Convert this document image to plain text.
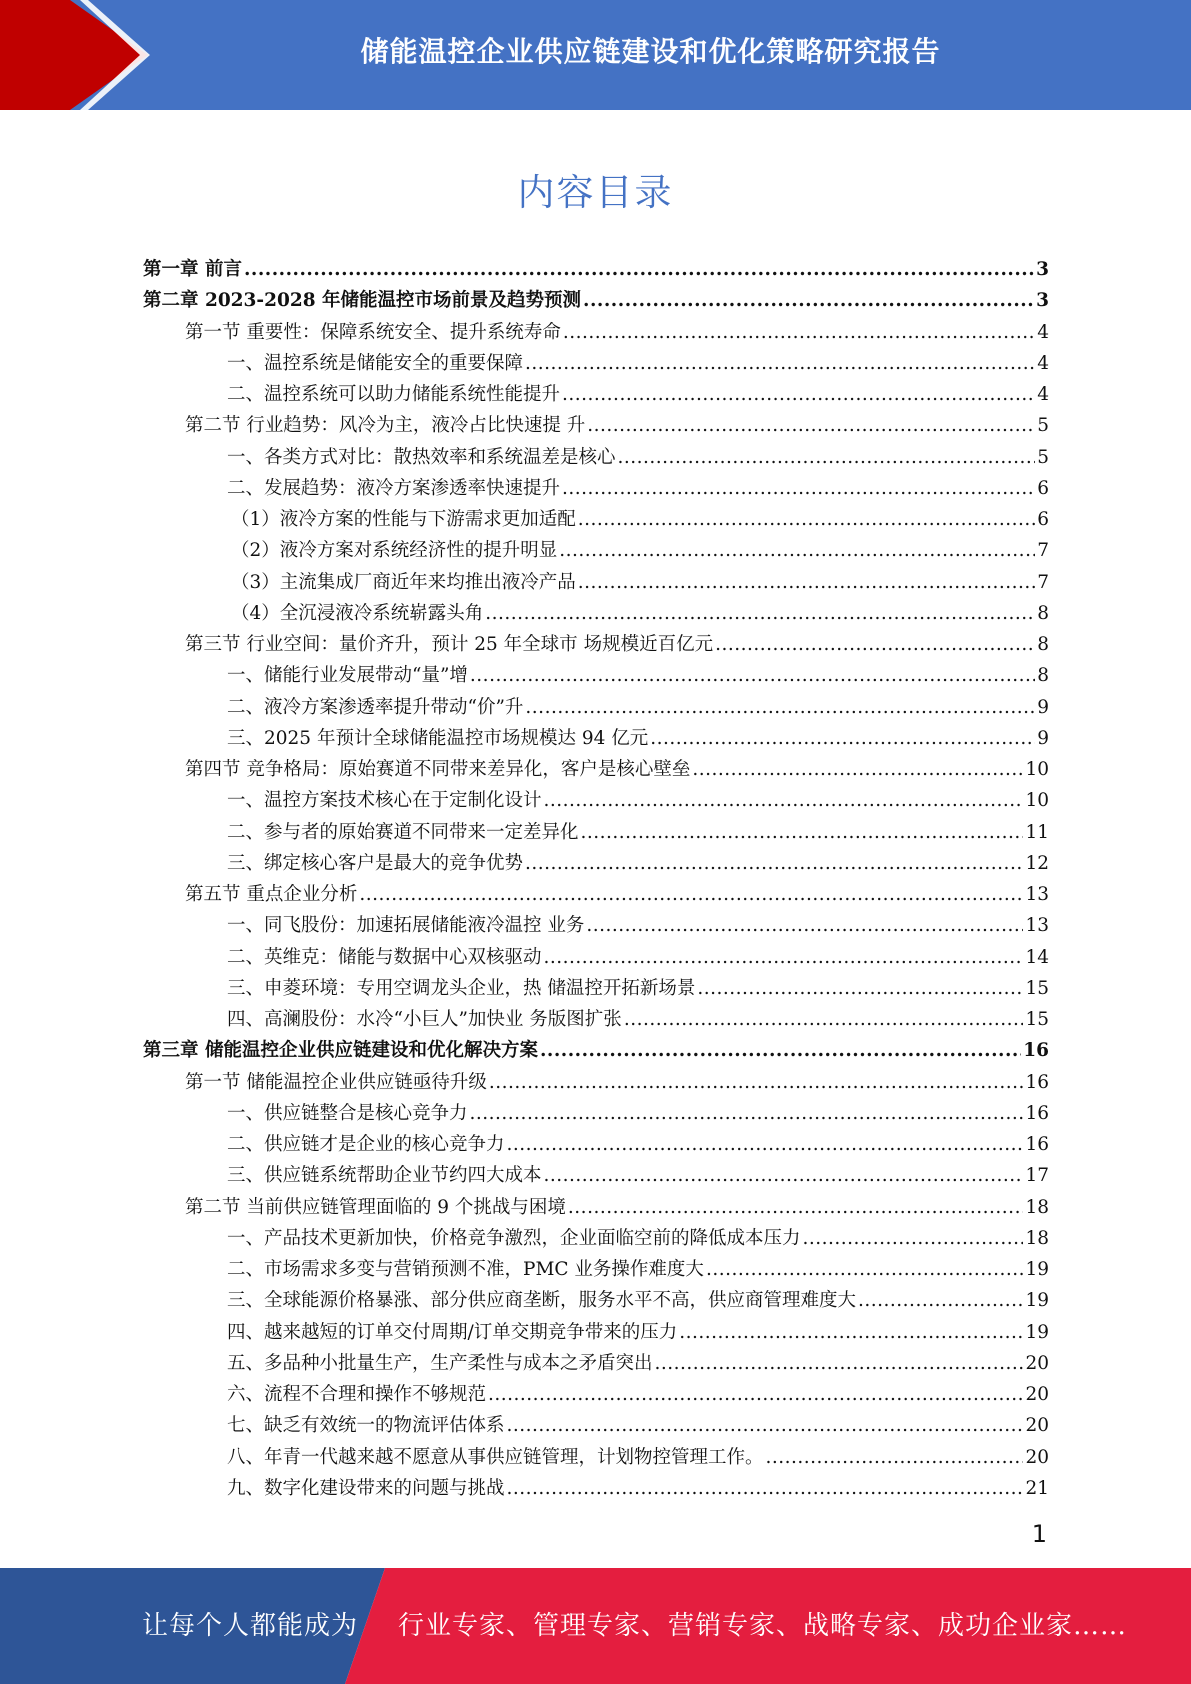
储能温控企业供应链建设和优化策略研究报告
内容目录
第一章 前言 .....	3
第二章 2023-2028 年储能温控市场前景及趋势预测 .....	3
第一节 重要性：保障系统安全、提升系统寿命 .....	4
一、温控系统是储能安全的重要保障 .....	4
二、温控系统可以助力储能系统性能提升 .....	4
第二节 行业趋势：风冷为主，液冷占比快速提 升 .....	5
一、各类方式对比：散热效率和系统温差是核心 .....	5
二、发展趋势：液冷方案渗透率快速提升 .....	6
（1）液冷方案的性能与下游需求更加适配 .....	6
（2）液冷方案对系统经济性的提升明显 .....	7
（3）主流集成厂商近年来均推出液冷产品 .....	7
（4）全沉浸液冷系统崭露头角 .....	8
第三节 行业空间：量价齐升，预计 25 年全球市 场规模近百亿元 .....	8
一、储能行业发展带动“量”增 .....	8
二、液冷方案渗透率提升带动“价”升 .....	9
三、2025 年预计全球储能温控市场规模达 94 亿元 .....	9
第四节 竞争格局：原始赛道不同带来差异化，客户是核心壁垒 .....	10
一、温控方案技术核心在于定制化设计 .....	10
二、参与者的原始赛道不同带来一定差异化 .....	11
三、绑定核心客户是最大的竞争优势 .....	12
第五节 重点企业分析 .....	13
一、同飞股份：加速拓展储能液冷温控 业务 .....	13
二、英维克：储能与数据中心双核驱动 .....	14
三、申菱环境：专用空调龙头企业，热 储温控开拓新场景 .....	15
四、高澜股份：水冷“小巨人”加快业 务版图扩张 .....	15
第三章 储能温控企业供应链建设和优化解决方案 .....	16
第一节 储能温控企业供应链亟待升级 .....	16
一、供应链整合是核心竞争力 .....	16
二、供应链才是企业的核心竞争力 .....	16
三、供应链系统帮助企业节约四大成本 .....	17
第二节 当前供应链管理面临的 9 个挑战与困境 .....	18
一、产品技术更新加快，价格竞争激烈，企业面临空前的降低成本压力 .....	18
二、市场需求多变与营销预测不准，PMC 业务操作难度大 .....	19
三、全球能源价格暴涨、部分供应商垄断，服务水平不高，供应商管理难度大 .....	19
四、越来越短的订单交付周期/订单交期竞争带来的压力 .....	19
五、多品种小批量生产，生产柔性与成本之矛盾突出 .....	20
六、流程不合理和操作不够规范 .....	20
七、缺乏有效统一的物流评估体系 .....	20
八、年青一代越来越不愿意从事供应链管理，计划物控管理工作。 .....	20
九、数字化建设带来的问题与挑战 .....	21
1
让每个人都能成为 行业专家、管理专家、营销专家、战略专家、成功企业家……
